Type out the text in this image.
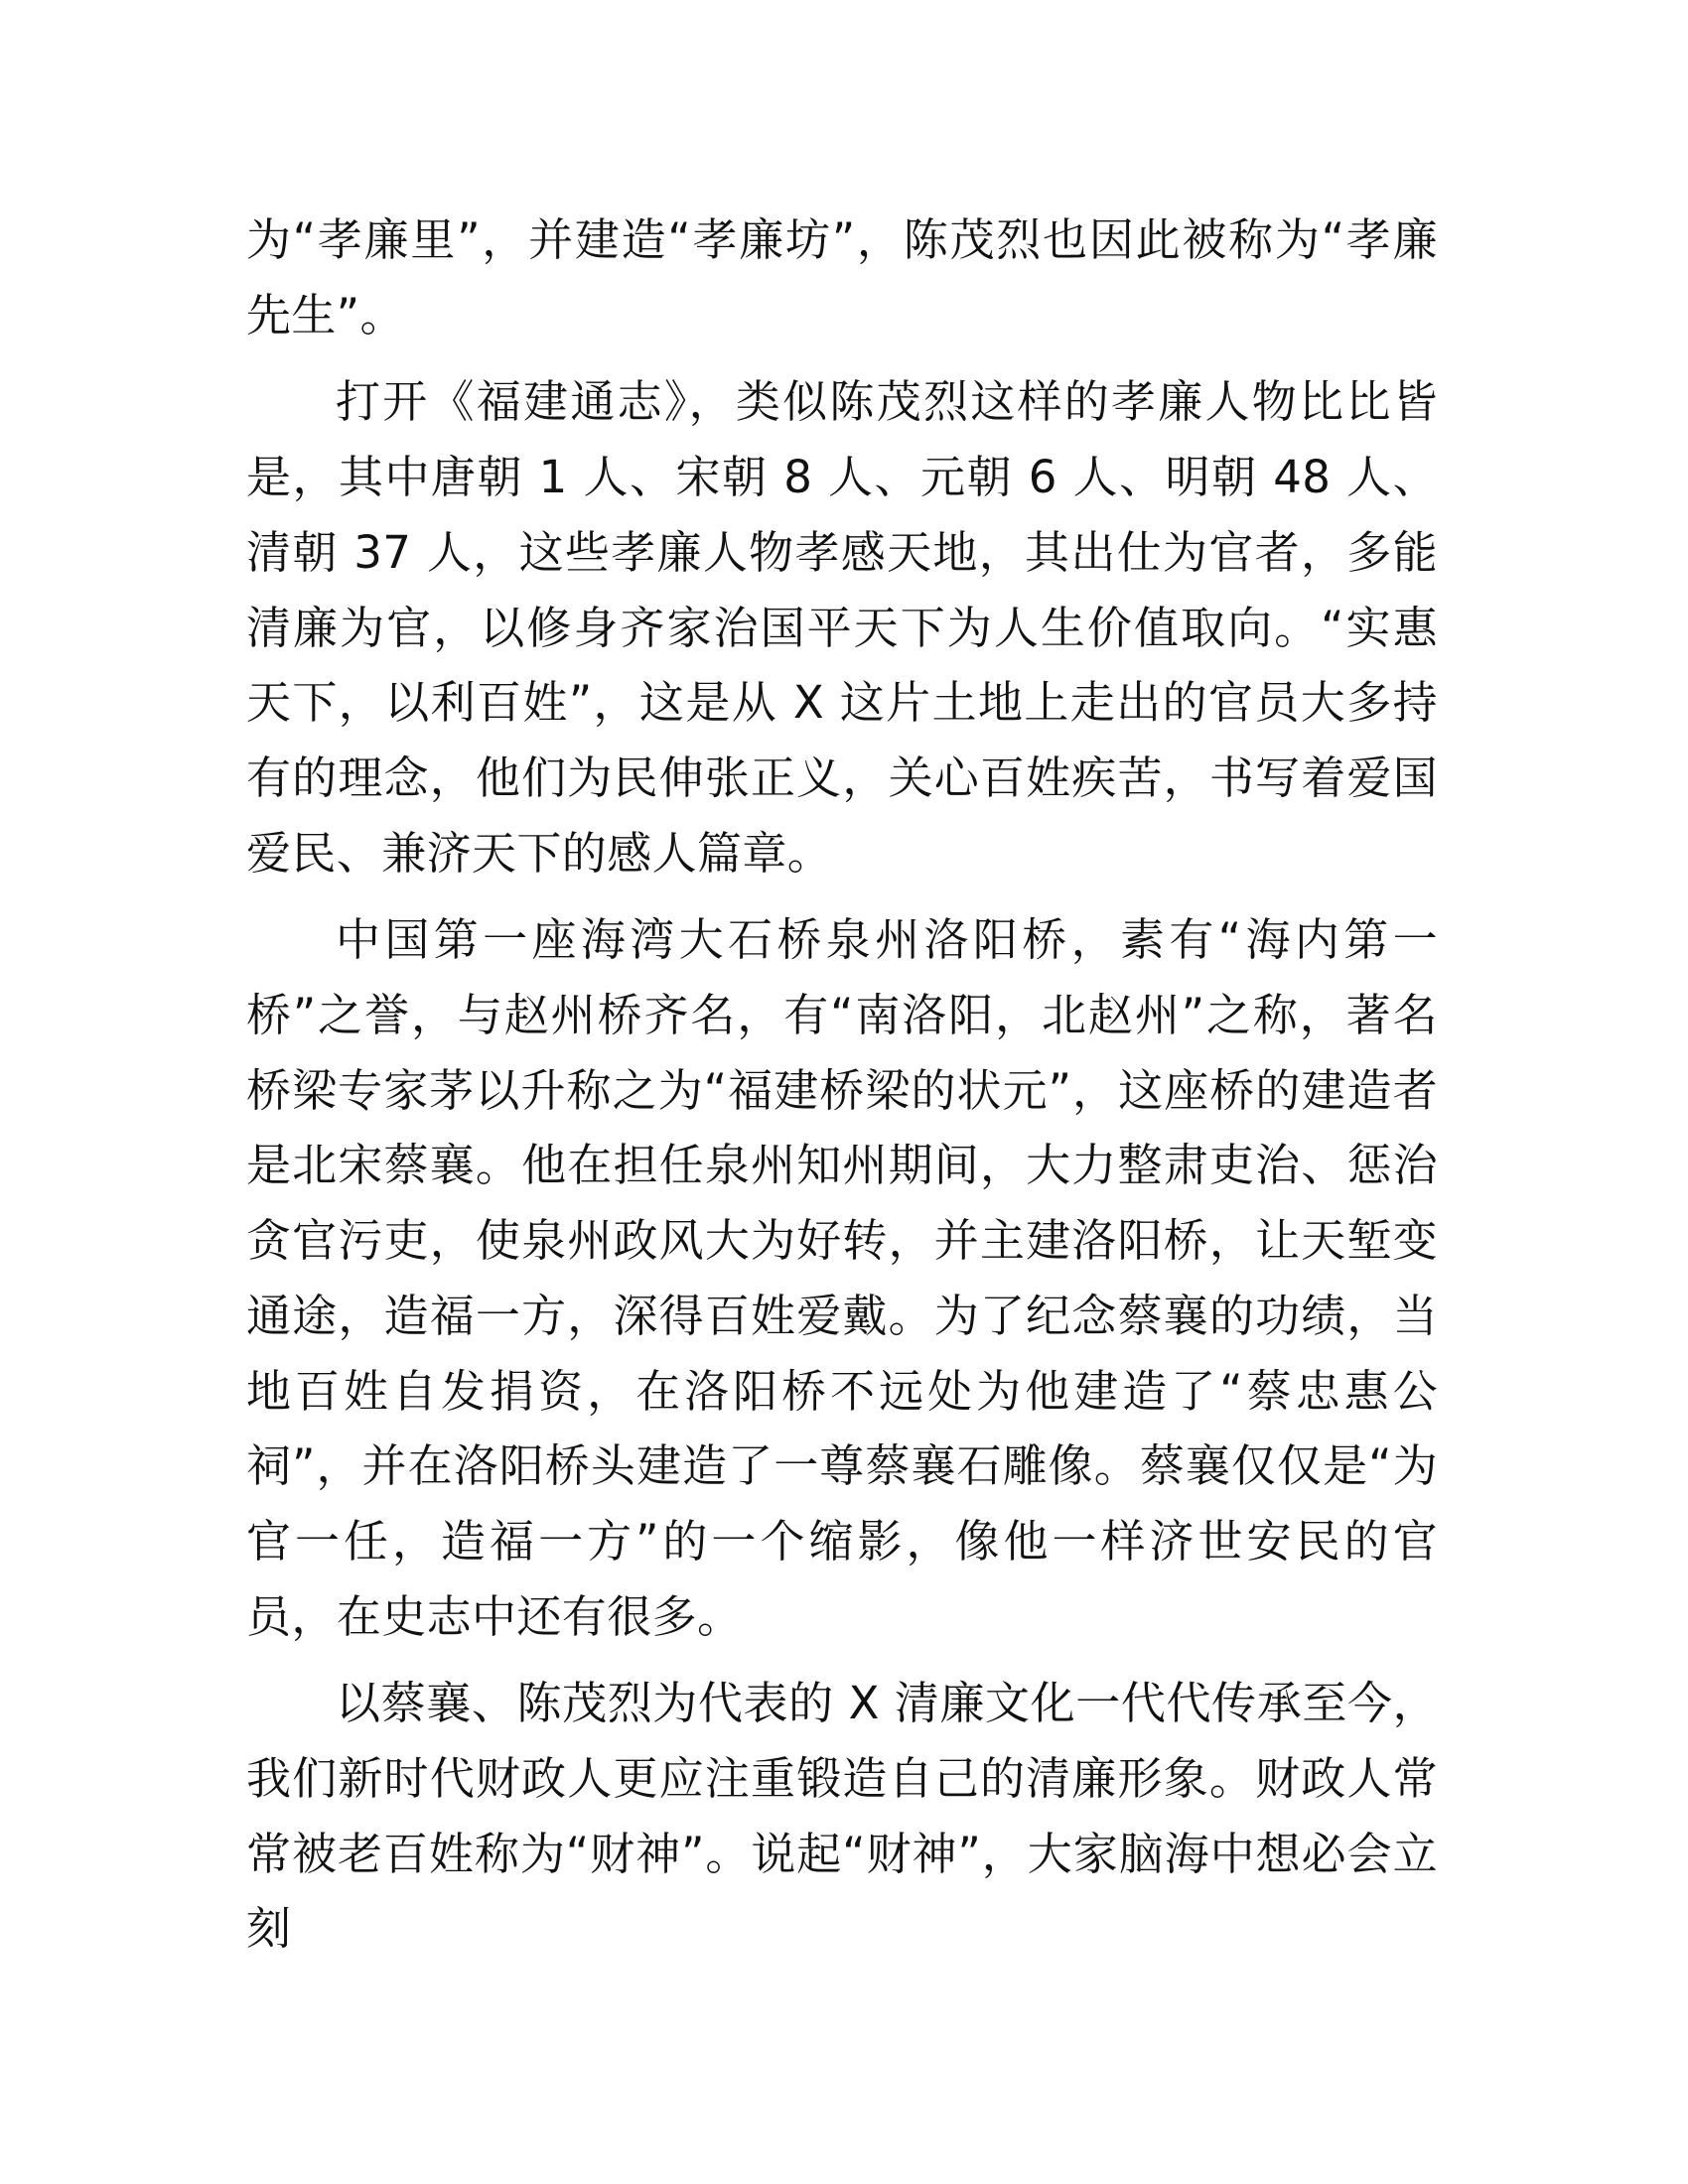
为“孝廉里”，并建造“孝廉坊”，陈茂烈也因此被称为“孝廉先生”。

打开《福建通志》，类似陈茂烈这样的孝廉人物比比皆是，其中唐朝 1 人、宋朝 8 人、元朝 6 人、明朝 48 人、清朝 37 人，这些孝廉人物孝感天地，其出仕为官者，多能清廉为官，以修身齐家治国平天下为人生价值取向。“实惠天下，以利百姓”，这是从 X 这片土地上走出的官员大多持有的理念，他们为民伸张正义，关心百姓疾苦，书写着爱国爱民、兼济天下的感人篇章。

中国第一座海湾大石桥泉州洛阳桥，素有“海内第一桥”之誉，与赵州桥齐名，有“南洛阳，北赵州”之称，著名桥梁专家茅以升称之为“福建桥梁的状元”，这座桥的建造者是北宋蔡襄。他在担任泉州知州期间，大力整肃吏治、惩治贪官污吏，使泉州政风大为好转，并主建洛阳桥，让天堑变通途，造福一方，深得百姓爱戴。为了纪念蔡襄的功绩，当地百姓自发捐资，在洛阳桥不远处为他建造了“蔡忠惠公祠”，并在洛阳桥头建造了一尊蔡襄石雕像。蔡襄仅仅是“为官一任，造福一方”的一个缩影，像他一样济世安民的官员，在史志中还有很多。

以蔡襄、陈茂烈为代表的 X 清廉文化一代代传承至今，我们新时代财政人更应注重锻造自己的清廉形象。财政人常常被老百姓称为“财神”。说起“财神”，大家脑海中想必会立刻
